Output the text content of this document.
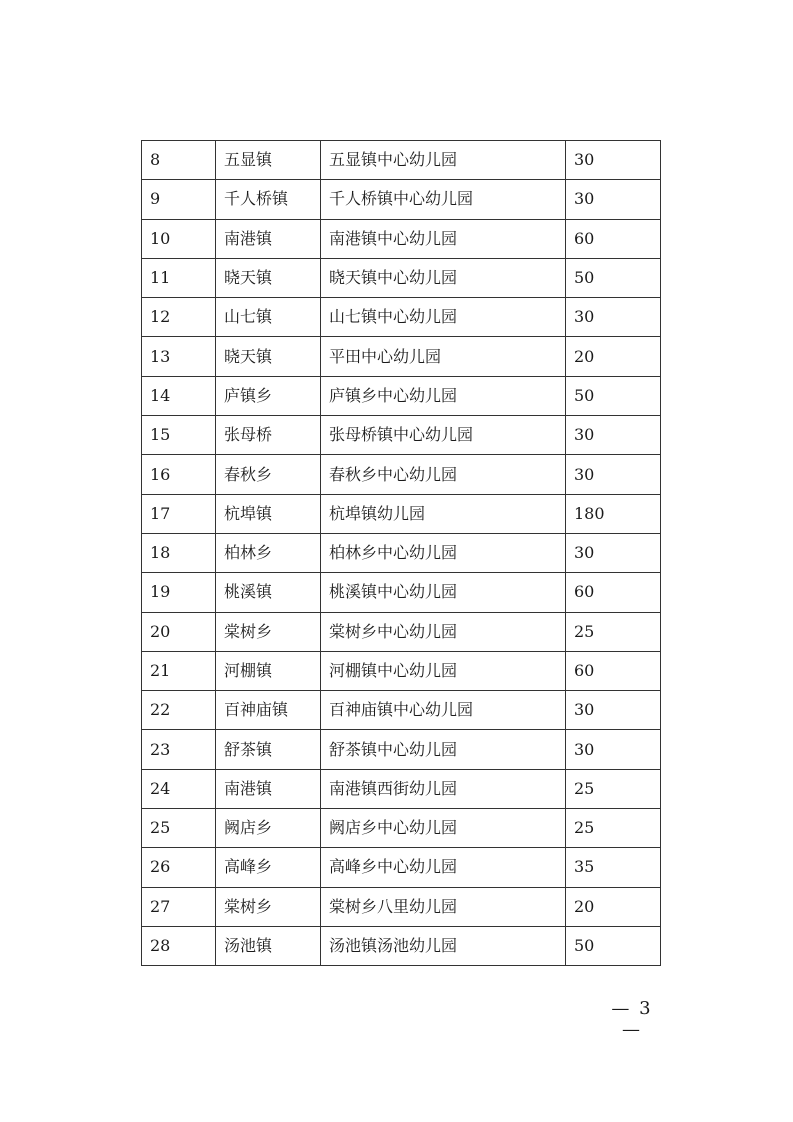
8	五显镇	五显镇中心幼儿园	30
9	千人桥镇	千人桥镇中心幼儿园	30
10	南港镇	南港镇中心幼儿园	60
11	晓天镇	晓天镇中心幼儿园	50
12	山七镇	山七镇中心幼儿园	30
13	晓天镇	平田中心幼儿园	20
14	庐镇乡	庐镇乡中心幼儿园	50
15	张母桥	张母桥镇中心幼儿园	30
16	春秋乡	春秋乡中心幼儿园	30
17	杭埠镇	杭埠镇幼儿园	180
18	柏林乡	柏林乡中心幼儿园	30
19	桃溪镇	桃溪镇中心幼儿园	60
20	棠树乡	棠树乡中心幼儿园	25
21	河棚镇	河棚镇中心幼儿园	60
22	百神庙镇	百神庙镇中心幼儿园	30
23	舒茶镇	舒茶镇中心幼儿园	30
24	南港镇	南港镇西街幼儿园	25
25	阙店乡	阙店乡中心幼儿园	25
26	高峰乡	高峰乡中心幼儿园	35
27	棠树乡	棠树乡八里幼儿园	20
28	汤池镇	汤池镇汤池幼儿园	50
— 3 —
